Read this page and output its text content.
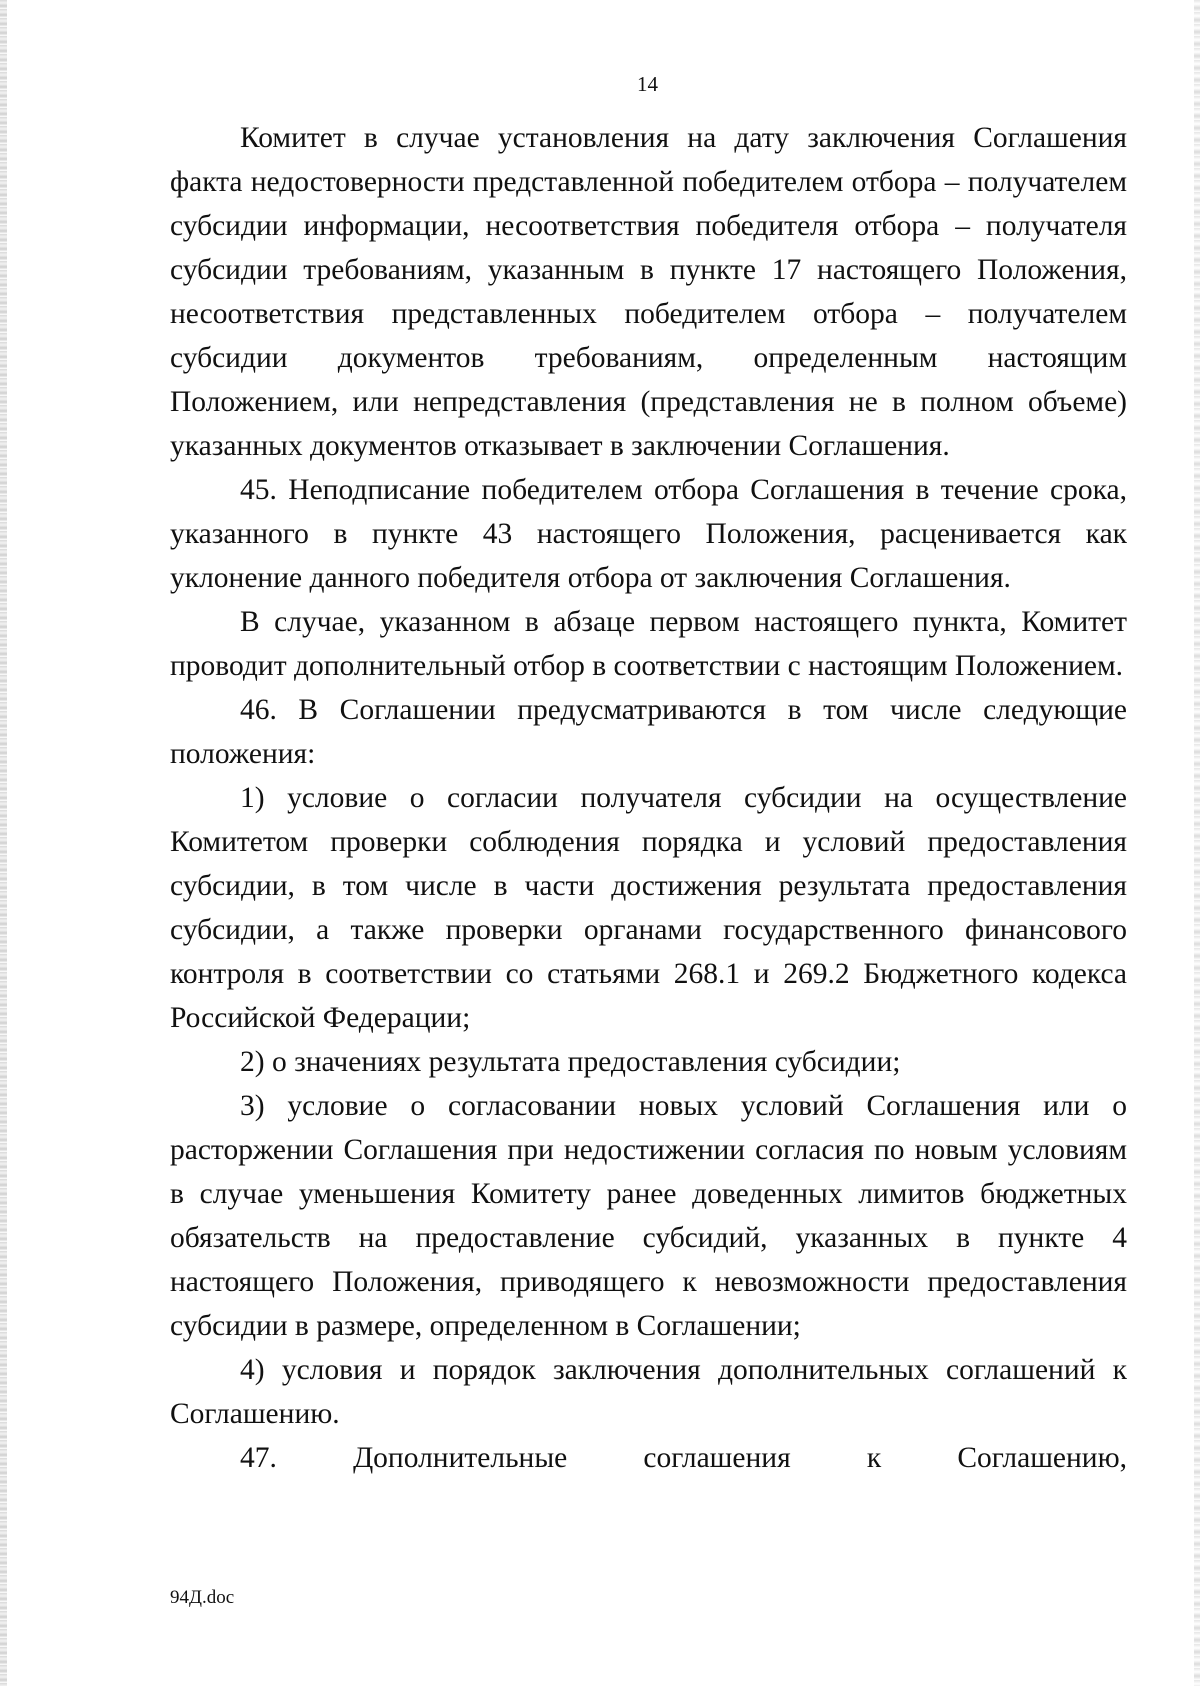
14

Комитет в случае установления на дату заключения Соглашения факта недостоверности представленной победителем отбора – получателем субсидии информации, несоответствия победителя отбора – получателя субсидии требованиям, указанным в пункте 17 настоящего Положения, несоответствия представленных победителем отбора – получателем субсидии документов требованиям, определенным настоящим Положением, или непредставления (представления не в полном объеме) указанных документов отказывает в заключении Соглашения.

45. Неподписание победителем отбора Соглашения в течение срока, указанного в пункте 43 настоящего Положения, расценивается как уклонение данного победителя отбора от заключения Соглашения.

В случае, указанном в абзаце первом настоящего пункта, Комитет проводит дополнительный отбор в соответствии с настоящим Положением.

46. В Соглашении предусматриваются в том числе следующие положения:

1) условие о согласии получателя субсидии на осуществление Комитетом проверки соблюдения порядка и условий предоставления субсидии, в том числе в части достижения результата предоставления субсидии, а также проверки органами государственного финансового контроля в соответствии со статьями 268.1 и 269.2 Бюджетного кодекса Российской Федерации;

2) о значениях результата предоставления субсидии;

3) условие о согласовании новых условий Соглашения или о расторжении Соглашения при недостижении согласия по новым условиям в случае уменьшения Комитету ранее доведенных лимитов бюджетных обязательств на предоставление субсидий, указанных в пункте 4 настоящего Положения, приводящего к невозможности предоставления субсидии в размере, определенном в Соглашении;

4) условия и порядок заключения дополнительных соглашений к Соглашению.

47. Дополнительные соглашения к Соглашению,

94Д.doc
